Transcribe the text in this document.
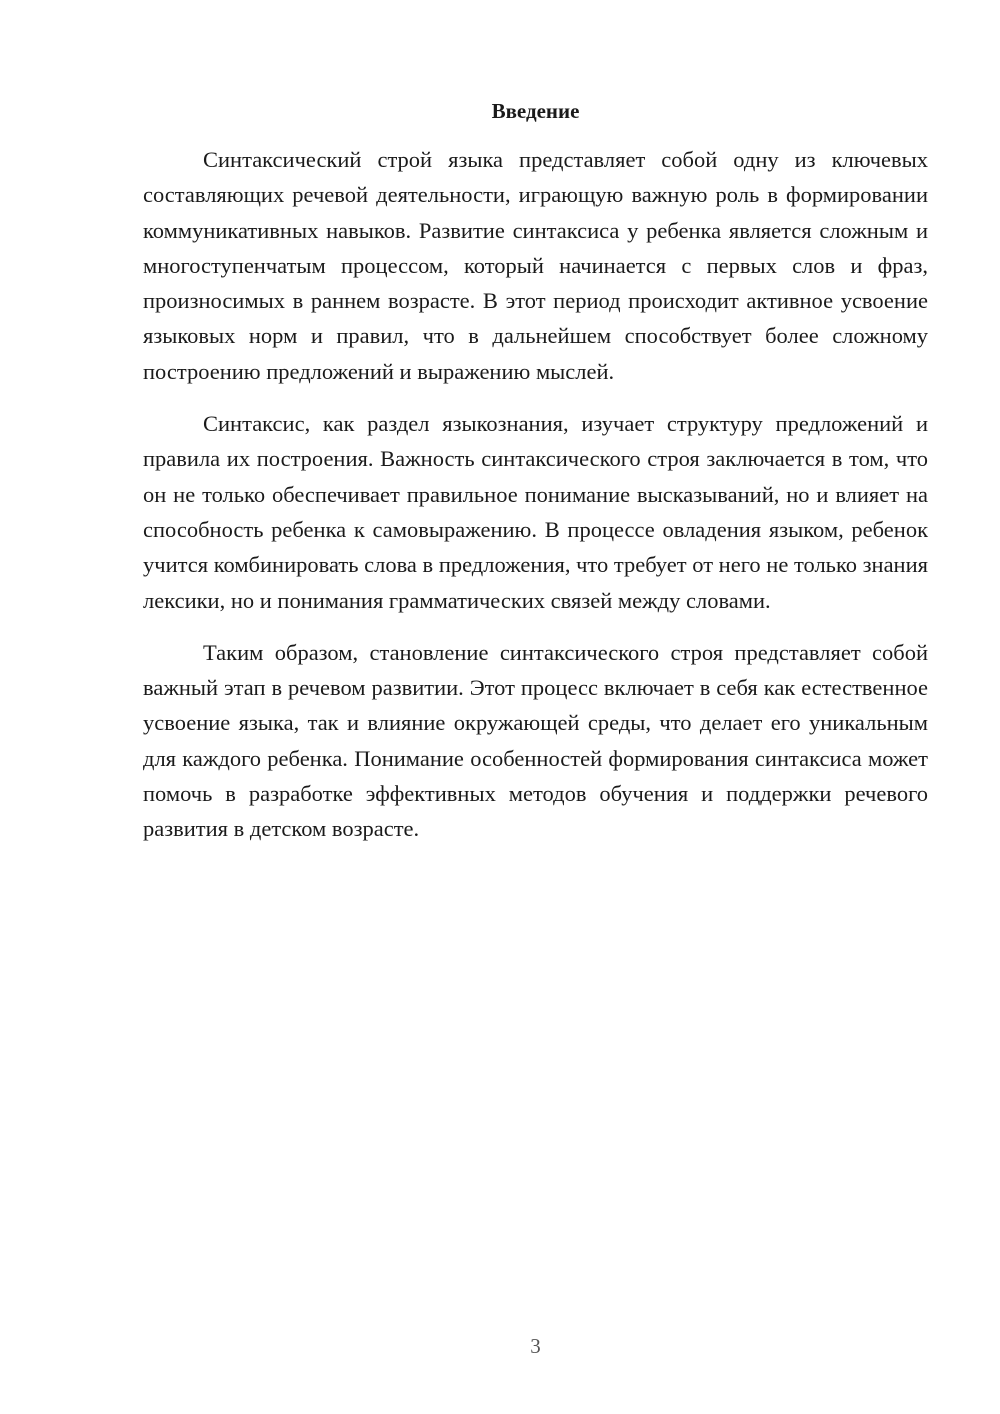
Введение

Синтаксический строй языка представляет собой одну из ключевых составляющих речевой деятельности, играющую важную роль в формировании коммуникативных навыков. Развитие синтаксиса у ребенка является сложным и многоступенчатым процессом, который начинается с первых слов и фраз, произносимых в раннем возрасте. В этот период происходит активное усвоение языковых норм и правил, что в дальнейшем способствует более сложному построению предложений и выражению мыслей.

Синтаксис, как раздел языкознания, изучает структуру предложений и правила их построения. Важность синтаксического строя заключается в том, что он не только обеспечивает правильное понимание высказываний, но и влияет на способность ребенка к самовыражению. В процессе овладения языком, ребенок учится комбинировать слова в предложения, что требует от него не только знания лексики, но и понимания грамматических связей между словами.

Таким образом, становление синтаксического строя представляет собой важный этап в речевом развитии. Этот процесс включает в себя как естественное усвоение языка, так и влияние окружающей среды, что делает его уникальным для каждого ребенка. Понимание особенностей формирования синтаксиса может помочь в разработке эффективных методов обучения и поддержки речевого развития в детском возрасте.

3
